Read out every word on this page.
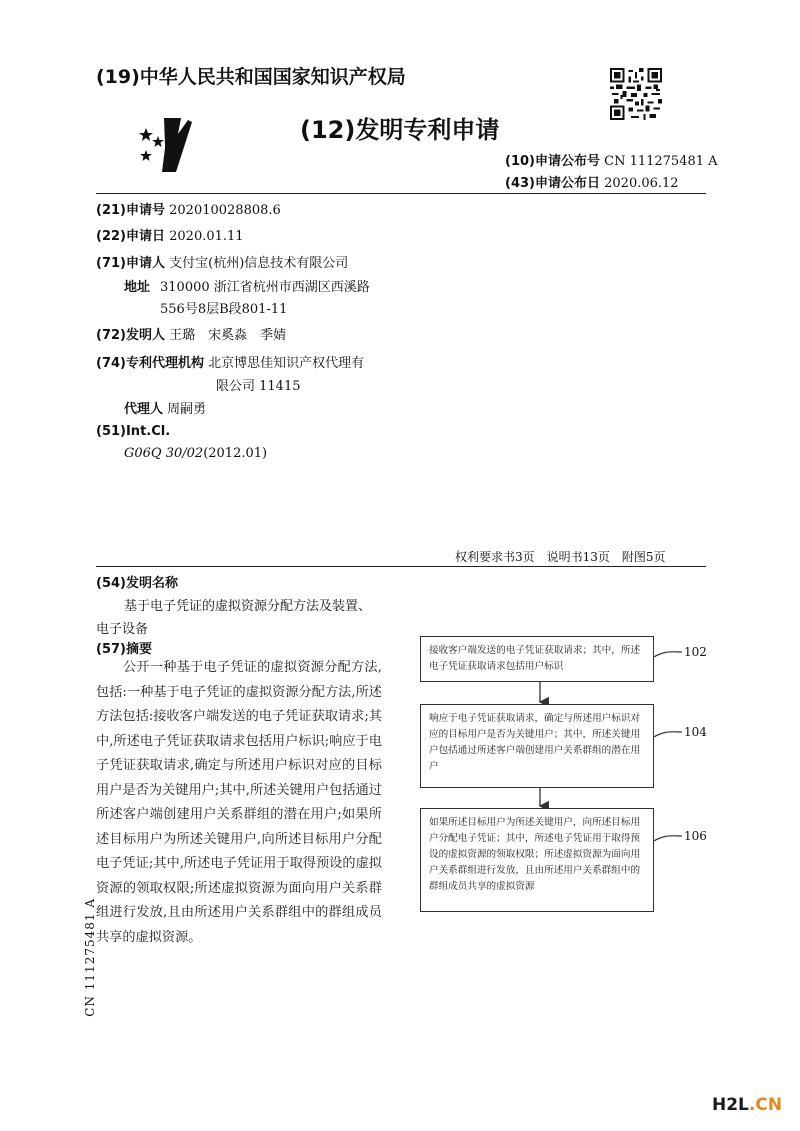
(19)中华人民共和国国家知识产权局
(12)发明专利申请
(10)申请公布号 CN 111275481 A
(43)申请公布日 2020.06.12
(21)申请号 202010028808.6
(22)申请日 2020.01.11
(71)申请人 支付宝(杭州)信息技术有限公司
地址 310000 浙江省杭州市西湖区西溪路
556号8层B段801-11
(72)发明人 王璐　宋奚淼　季婧
(74)专利代理机构 北京博思佳知识产权代理有
限公司 11415
代理人 周嗣勇
(51)Int.Cl.
G06Q 30/02(2012.01)
权利要求书3页　说明书13页　附图5页
(54)发明名称
基于电子凭证的虚拟资源分配方法及装置、
电子设备
(57)摘要
公开一种基于电子凭证的虚拟资源分配方法,包括:一种基于电子凭证的虚拟资源分配方法,所述方法包括:接收客户端发送的电子凭证获取请求;其中,所述电子凭证获取请求包括用户标识;响应于电子凭证获取请求,确定与所述用户标识对应的目标用户是否为关键用户;其中,所述关键用户包括通过所述客户端创建用户关系群组的潜在用户;如果所述目标用户为所述关键用户,向所述目标用户分配电子凭证;其中,所述电子凭证用于取得预设的虚拟资源的领取权限;所述虚拟资源为面向用户关系群组进行发放,且由所述用户关系群组中的群组成员共享的虚拟资源。
接收客户端发送的电子凭证获取请求；其中，所述电子凭证获取请求包括用户标识
响应于电子凭证获取请求，确定与所述用户标识对应的目标用户是否为关键用户；其中，所述关键用户包括通过所述客户端创建用户关系群组的潜在用户
如果所述目标用户为所述关键用户，向所述目标用户分配电子凭证；其中，所述电子凭证用于取得预设的虚拟资源的领取权限；所述虚拟资源为面向用户关系群组进行发放，且由所述用户关系群组中的群组成员共享的虚拟资源
102
104
106
CN 111275481 A
H2L.CN
